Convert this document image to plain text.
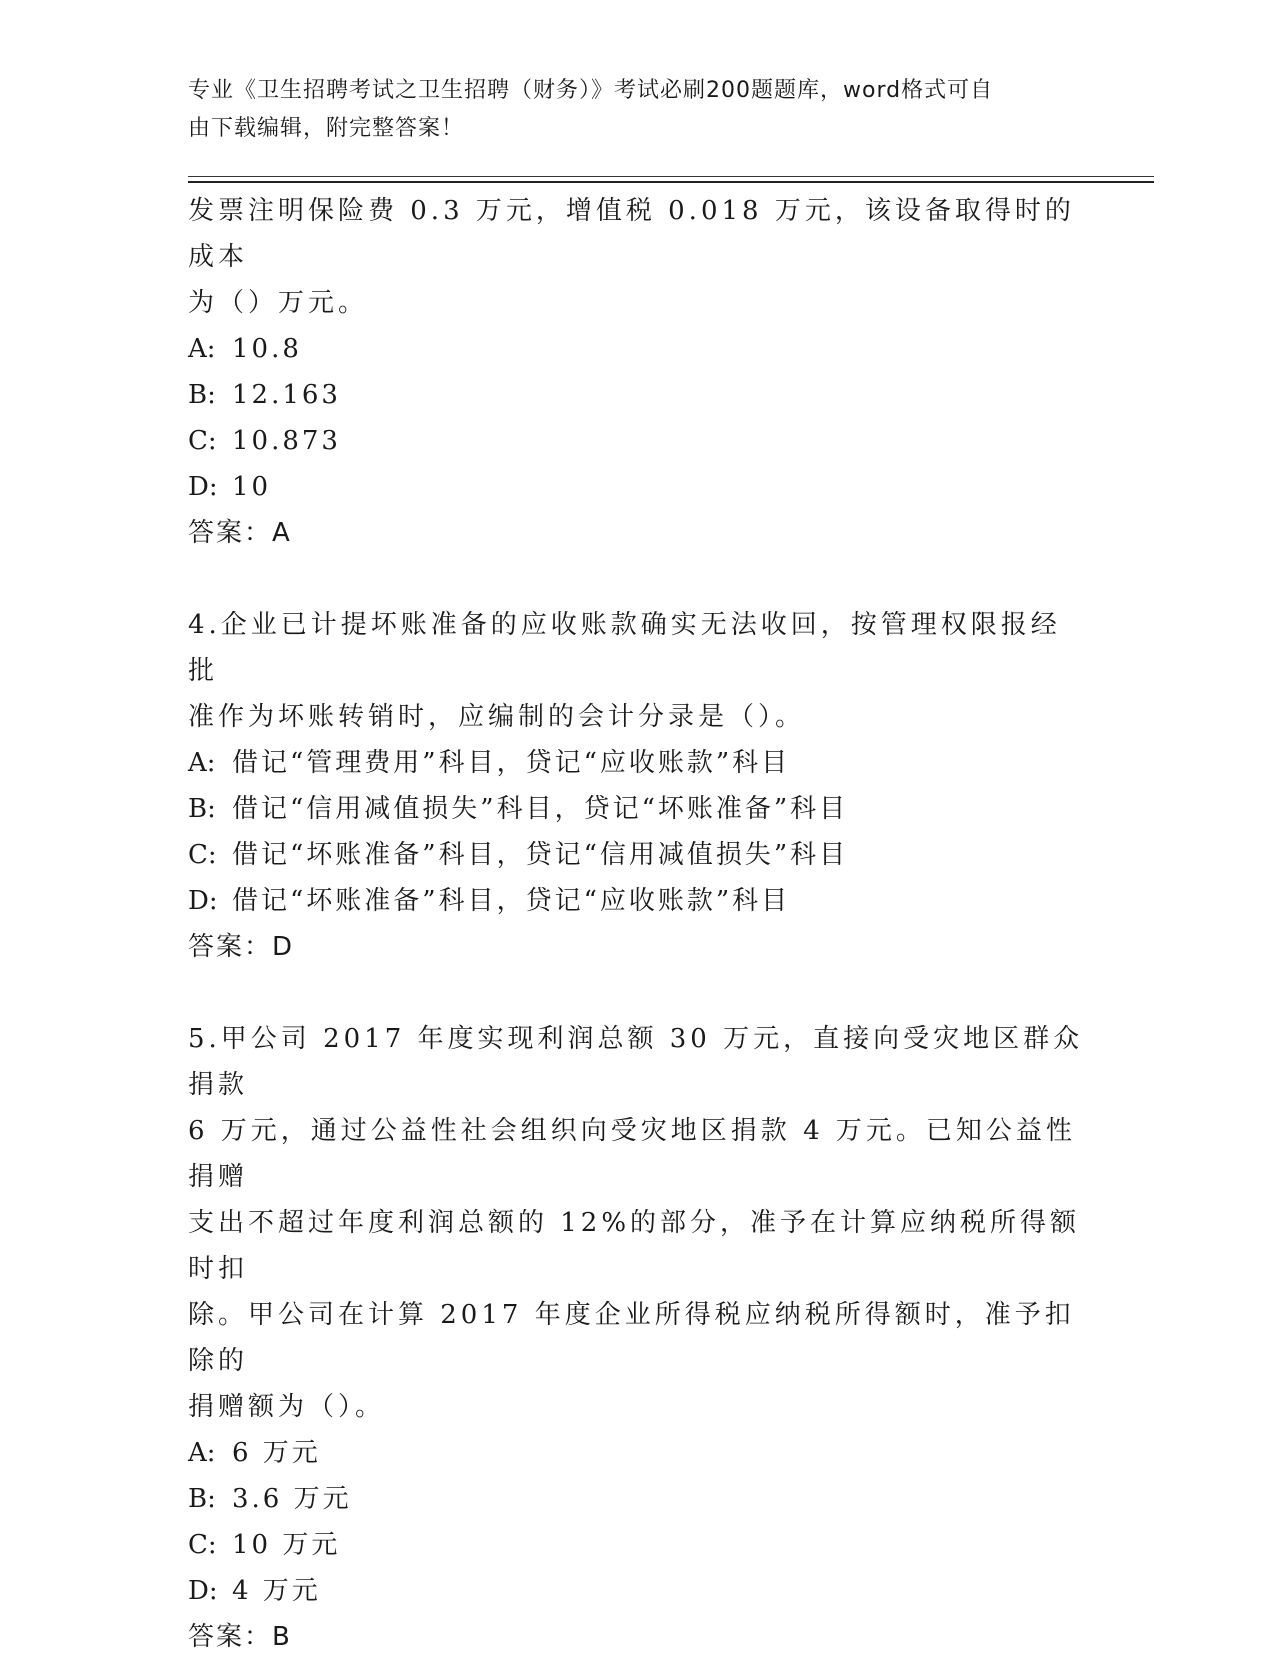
专业《卫生招聘考试之卫生招聘（财务）》考试必刷200题题库，word格式可自
由下载编辑，附完整答案！
发票注明保险费 0.3 万元，增值税 0.018 万元，该设备取得时的成本
为（）万元。
A: 10.8
B: 12.163
C: 10.873
D: 10
答案：A
4.企业已计提坏账准备的应收账款确实无法收回，按管理权限报经批
准作为坏账转销时，应编制的会计分录是（）。
A: 借记“管理费用”科目，贷记“应收账款”科目
B: 借记“信用减值损失”科目，贷记“坏账准备”科目
C: 借记“坏账准备”科目，贷记“信用减值损失”科目
D: 借记“坏账准备”科目，贷记“应收账款”科目
答案：D
5.甲公司 2017 年度实现利润总额 30 万元，直接向受灾地区群众捐款
6 万元，通过公益性社会组织向受灾地区捐款 4 万元。已知公益性捐赠
支出不超过年度利润总额的 12%的部分，准予在计算应纳税所得额时扣
除。甲公司在计算 2017 年度企业所得税应纳税所得额时，准予扣除的
捐赠额为（）。
A: 6 万元
B: 3.6 万元
C: 10 万元
D: 4 万元
答案：B
